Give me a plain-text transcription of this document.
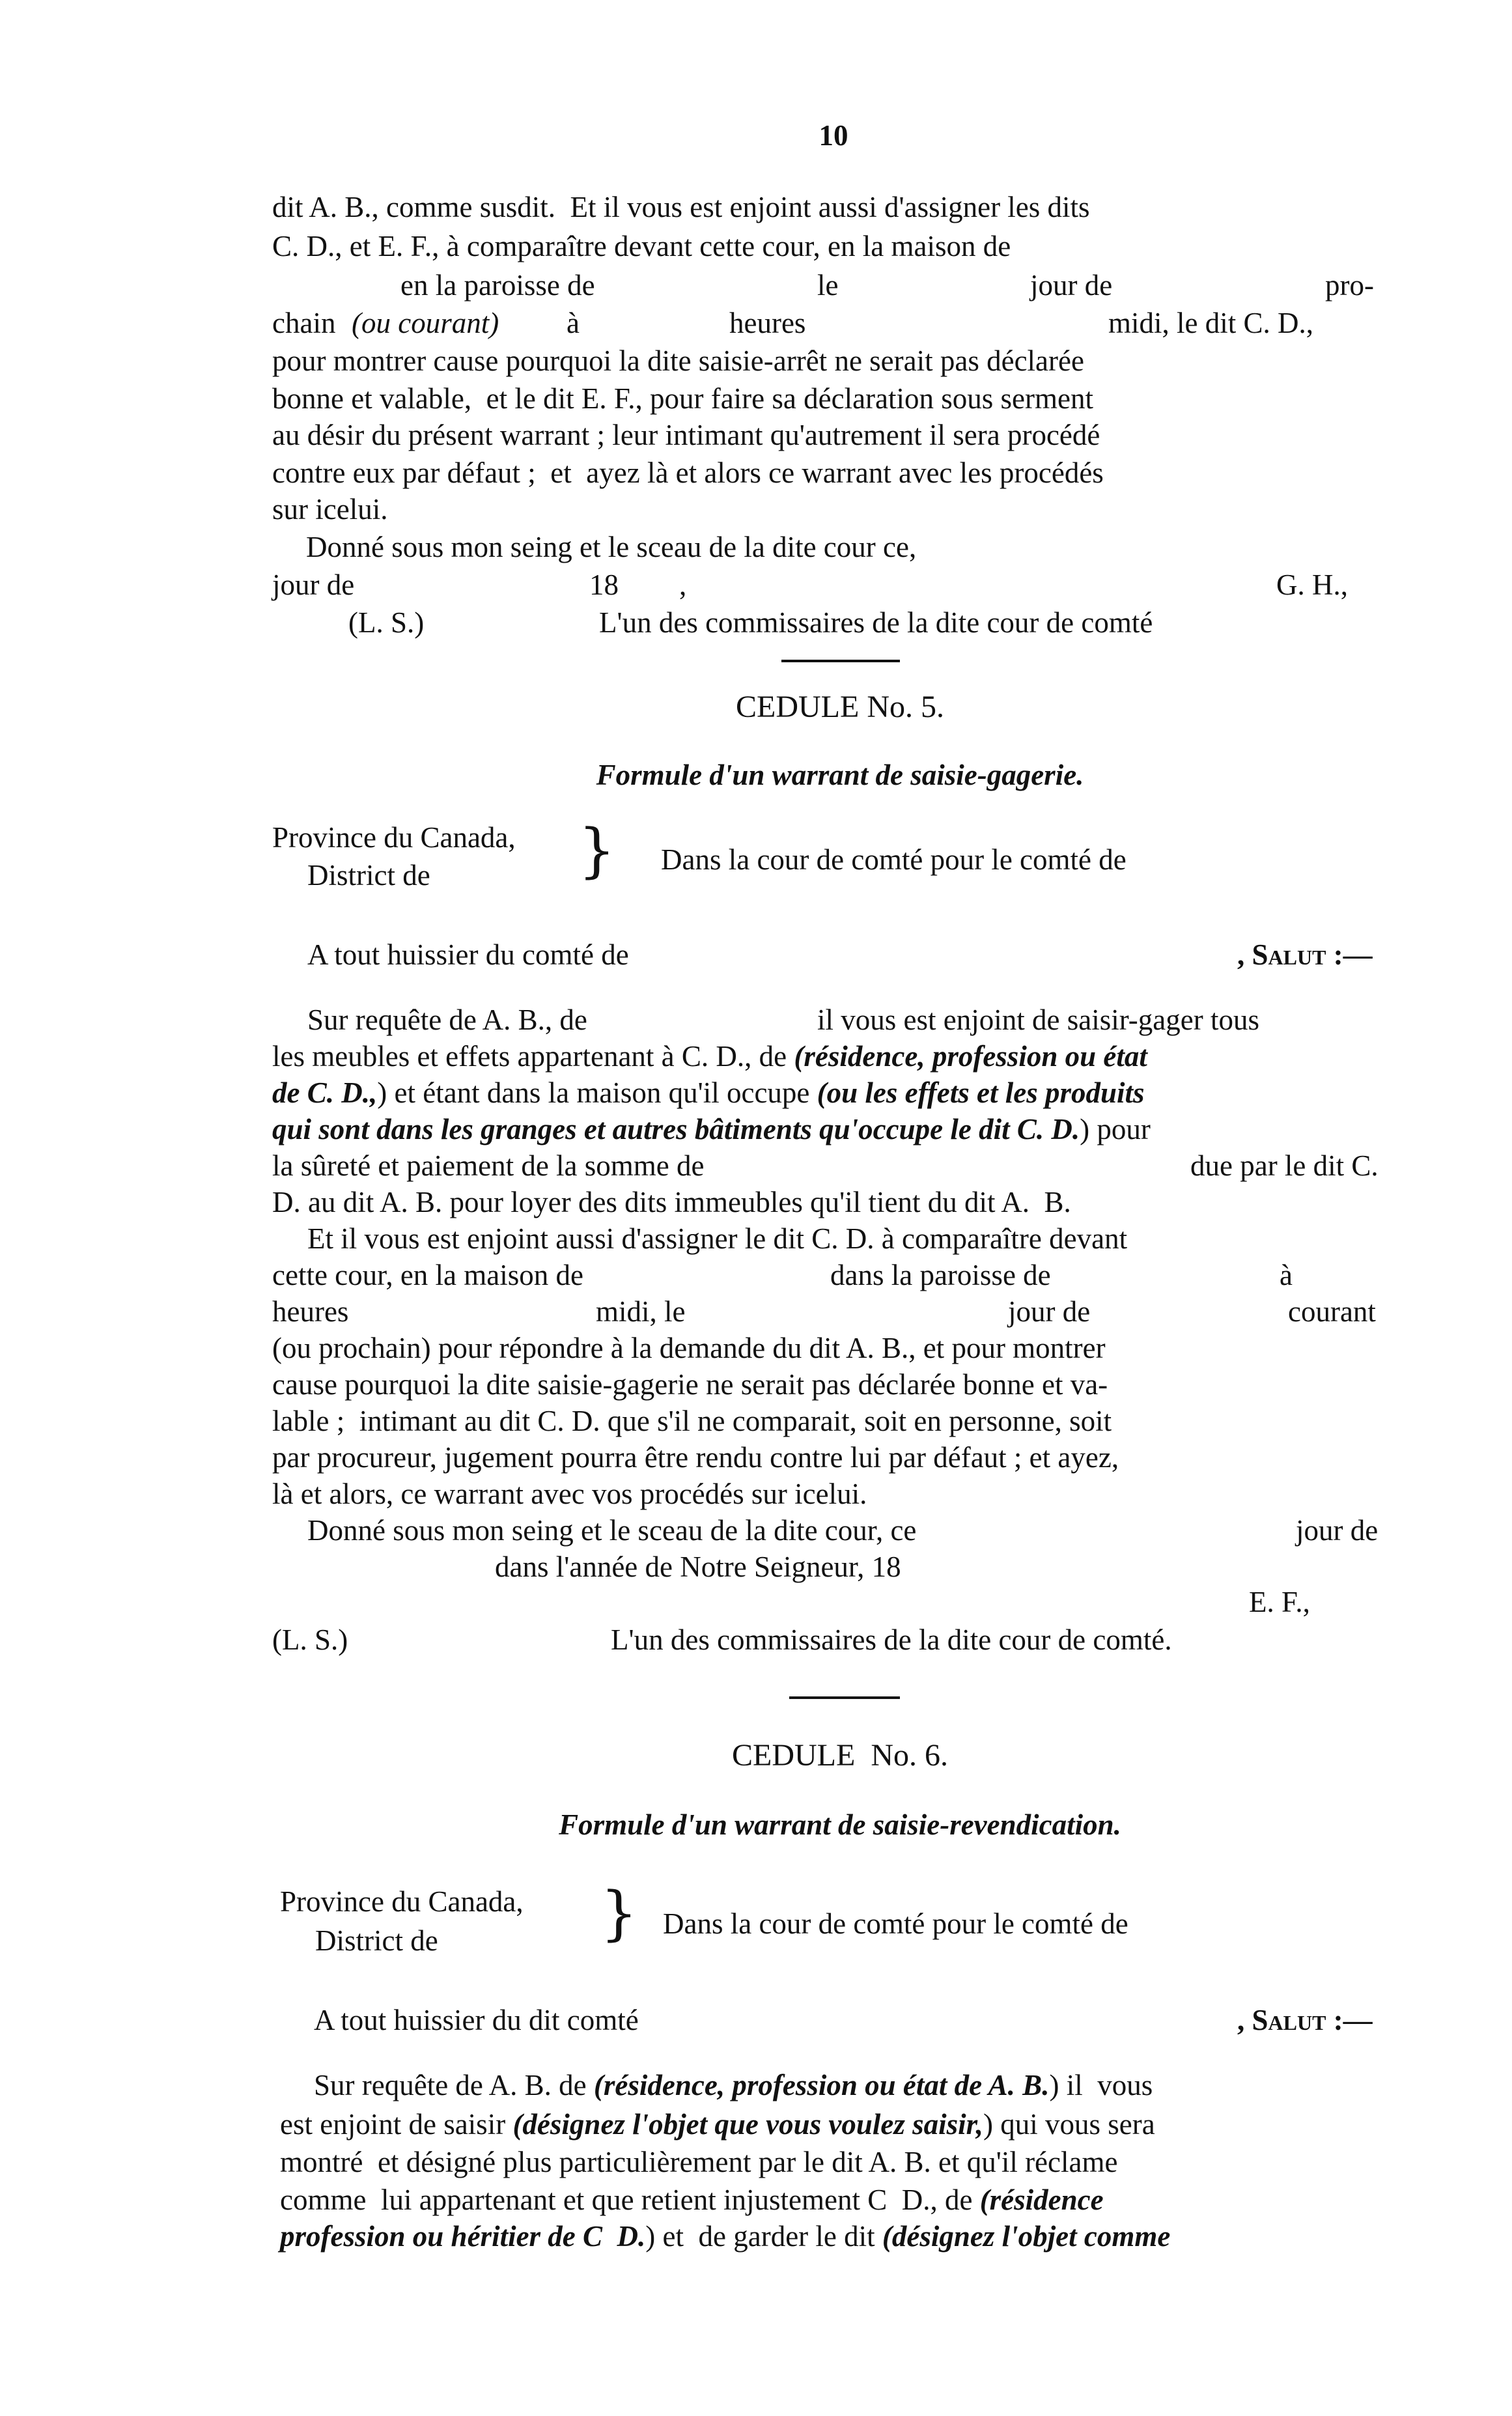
10
dit A. B., comme susdit.  Et il vous est enjoint aussi d'assigner les dits
C. D., et E. F., à comparaître devant cette cour, en la maison de
en la paroisse de	le	jour de	pro-
chain (ou courant) à	heures	midi, le dit C. D.,
pour montrer cause pourquoi la dite saisie-arrêt ne serait pas déclarée
bonne et valable,  et le dit E. F., pour faire sa déclaration sous serment
au désir du présent warrant ; leur intimant qu'autrement il sera procédé
contre eux par défaut ;  et  ayez là et alors ce warrant avec les procédés
sur icelui.
Donné sous mon seing et le sceau de la dite cour ce,
jour de	18 ,	G. H.,
(L. S.)	L'un des commissaires de la dite cour de comté
CEDULE No. 5.
Formule d'un warrant de saisie-gagerie.
Province du Canada,
District de	} Dans la cour de comté pour le comté de
A tout huissier du comté de	, Salut :—
Sur requête de A. B., de	il vous est enjoint de saisir-gager tous
les meubles et effets appartenant à C. D., de (résidence, profession ou état
de C. D.,) et étant dans la maison qu'il occupe (ou les effets et les produits
qui sont dans les granges et autres bâtiments qu'occupe le dit C. D.) pour
la sûreté et paiement de la somme de	due par le dit C.
D. au dit A. B. pour loyer des dits immeubles qu'il tient du dit A.  B.
Et il vous est enjoint aussi d'assigner le dit C. D. à comparaître devant
cette cour, en la maison de	dans la paroisse de	à
heures	midi, le	jour de	courant
(ou prochain) pour répondre à la demande du dit A. B., et pour montrer
cause pourquoi la dite saisie-gagerie ne serait pas déclarée bonne et va-
lable ;  intimant au dit C. D. que s'il ne comparait, soit en personne, soit
par procureur, jugement pourra être rendu contre lui par défaut ; et ayez,
là et alors, ce warrant avec vos procédés sur icelui.
Donné sous mon seing et le sceau de la dite cour, ce	jour de
dans l'année de Notre Seigneur, 18
E. F.,
(L. S.)	L'un des commissaires de la dite cour de comté.
CEDULE  No. 6.
Formule d'un warrant de saisie-revendication.
Province du Canada,
District de	} Dans la cour de comté pour le comté de
A tout huissier du dit comté	, Salut :—
Sur requête de A. B. de (résidence, profession ou état de A. B.) il  vous
est enjoint de saisir (désignez l'objet que vous voulez saisir,) qui vous sera
montré  et désigné plus particulièrement par le dit A. B. et qu'il réclame
comme  lui appartenant et que retient injustement C  D., de (résidence
profession ou héritier de C  D.) et  de garder le dit (désignez l'objet comme
